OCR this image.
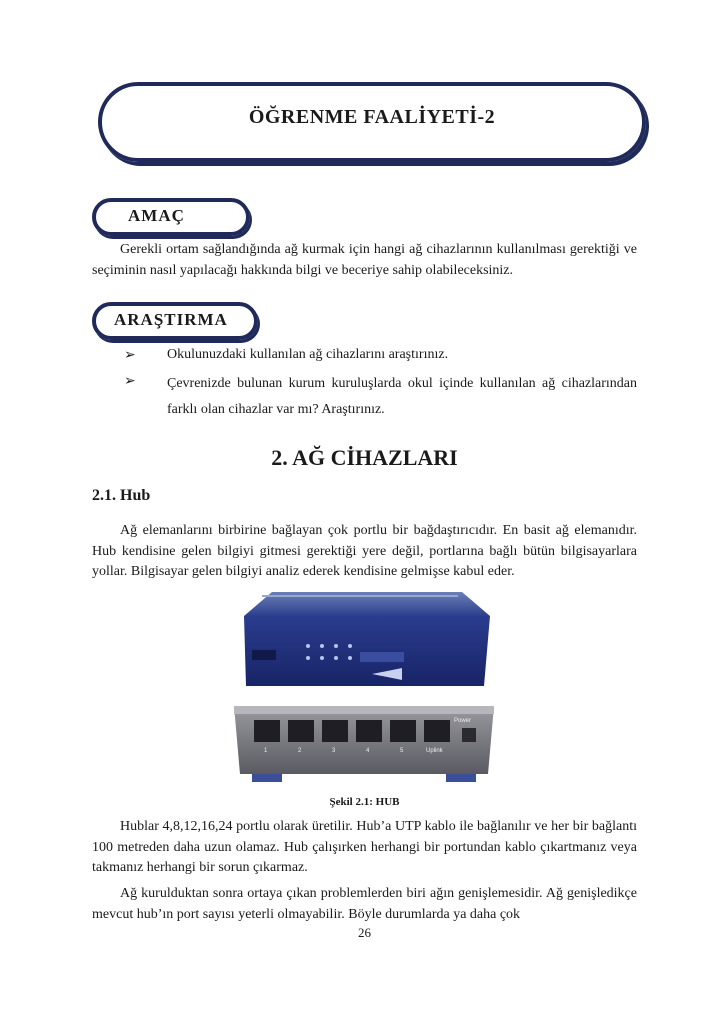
ÖĞRENME FAALİYETİ-2
AMAÇ
Gerekli ortam sağlandığında ağ kurmak için hangi ağ cihazlarının kullanılması gerektiği ve seçiminin nasıl yapılacağı hakkında bilgi ve beceriye sahip olabileceksiniz.
ARAŞTIRMA
➢ Okulunuzdaki kullanılan ağ cihazlarını araştırınız.
➢ Çevrenizde bulunan kurum kuruluşlarda okul içinde kullanılan ağ cihazlarından farklı olan cihazlar var mı? Araştırınız.
2. AĞ CİHAZLARI
2.1. Hub
Ağ elemanlarını birbirine bağlayan çok portlu bir bağdaştırıcıdır. En basit ağ elemanıdır. Hub kendisine gelen bilgiyi gitmesi gerektiği yere değil, portlarına bağlı bütün bilgisayarlara yollar. Bilgisayar gelen bilgiyi analiz ederek kendisine gelmişse kabul eder.
1	2	3	4	5	Uplink
Power
Şekil 2.1: HUB
Hublar 4,8,12,16,24 portlu olarak üretilir. Hub’a UTP kablo ile bağlanılır ve her bir bağlantı 100 metreden daha uzun olamaz. Hub çalışırken herhangi bir portundan kablo çıkartmanız veya takmanız herhangi bir sorun çıkarmaz.
Ağ kurulduktan sonra ortaya çıkan problemlerden biri ağın genişlemesidir. Ağ genişledikçe mevcut hub’ın port sayısı yeterli olmayabilir. Böyle durumlarda ya daha çok
26
